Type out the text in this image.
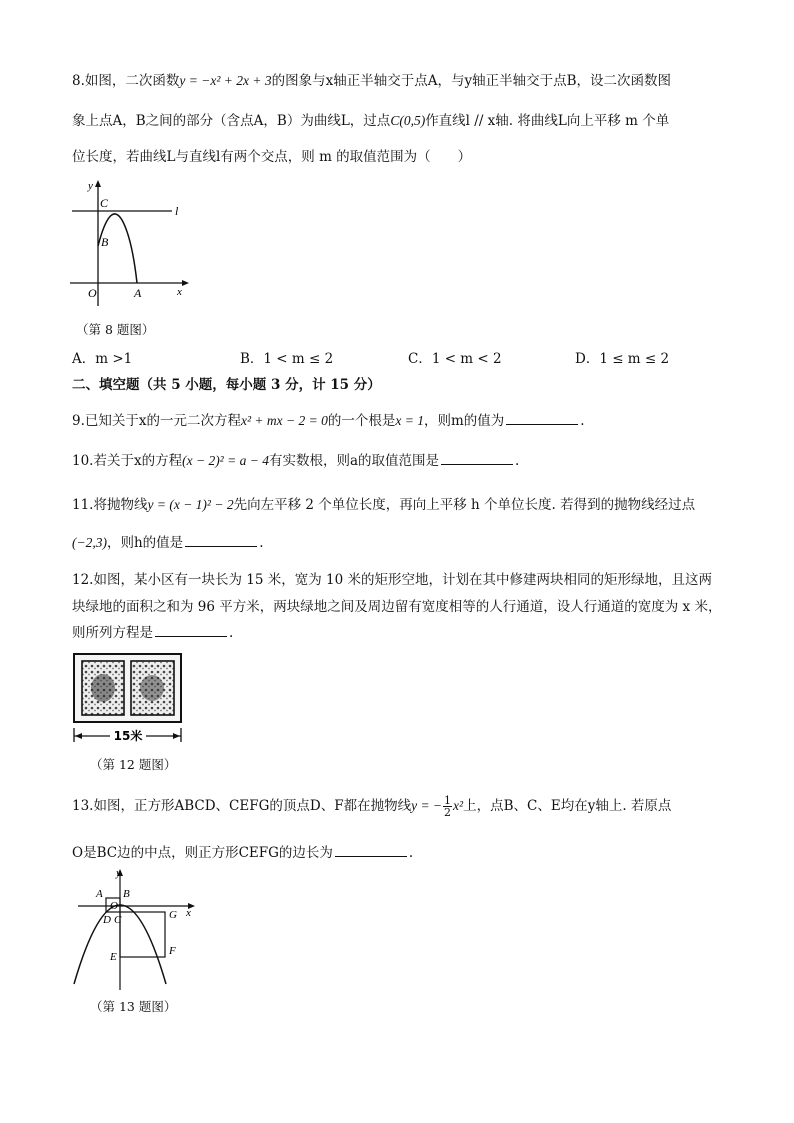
8.如图，二次函数y = −x² + 2x + 3的图象与x轴正半轴交于点A，与y轴正半轴交于点B，设二次函数图
象上点A，B之间的部分（含点A，B）为曲线L，过点C(0,5)作直线l // x轴. 将曲线L向上平移 m 个单
位长度，若曲线L与直线l有两个交点，则 m 的取值范围为（　　）
y
C
l
B
O	A	x
（第 8 题图）
A．m >1	B．1 < m ≤ 2	C．1 < m < 2	D．1 ≤ m ≤ 2
二、填空题（共 5 小题，每小题 3 分，计 15 分）
9.已知关于x的一元二次方程x² + mx − 2 = 0的一个根是x = 1，则m的值为	.
10.若关于x的方程(x − 2)² = a − 4有实数根，则a的取值范围是	.
11.将抛物线y = (x − 1)² − 2先向左平移 2 个单位长度，再向上平移 h 个单位长度. 若得到的抛物线经过点
(−2,3)，则h的值是	.
12.如图，某小区有一块长为 15 米，宽为 10 米的矩形空地，计划在其中修建两块相同的矩形绿地，且这两
块绿地的面积之和为 96 平方米，两块绿地之间及周边留有宽度相等的人行通道，设人行通道的宽度为 x 米，
则所列方程是	.
15米
（第 12 题图）
13.如图，正方形ABCD、CEFG的顶点D、F都在抛物线y = − $\frac{1}{2} x^2$上，点B、C、E均在y轴上. 若原点
O是BC边的中点，则正方形CEFG的边长为	.
y
A B
O
x
D C	G
E	F
（第 13 题图）
